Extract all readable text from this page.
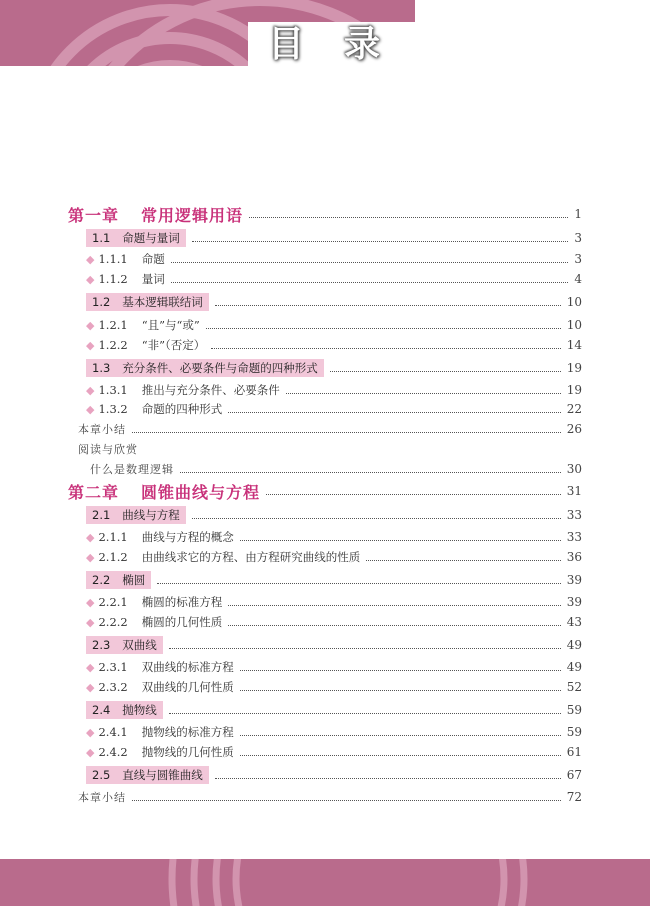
目 录
第一章 常用逻辑用语	1
1.1 命题与量词	3
◆ 1.1.1 命题	3
◆ 1.1.2 量词	4
1.2 基本逻辑联结词	10
◆ 1.2.1 “且”与“或”	10
◆ 1.2.2 “非”（否定）	14
1.3 充分条件、必要条件与命题的四种形式	19
◆ 1.3.1 推出与充分条件、必要条件	19
◆ 1.3.2 命题的四种形式	22
本章小结	26
阅读与欣赏
什么是数理逻辑	30
第二章 圆锥曲线与方程	31
2.1 曲线与方程	33
◆ 2.1.1 曲线与方程的概念	33
◆ 2.1.2 由曲线求它的方程、由方程研究曲线的性质	36
2.2 椭圆	39
◆ 2.2.1 椭圆的标准方程	39
◆ 2.2.2 椭圆的几何性质	43
2.3 双曲线	49
◆ 2.3.1 双曲线的标准方程	49
◆ 2.3.2 双曲线的几何性质	52
2.4 抛物线	59
◆ 2.4.1 抛物线的标准方程	59
◆ 2.4.2 抛物线的几何性质	61
2.5 直线与圆锥曲线	67
本章小结	72
